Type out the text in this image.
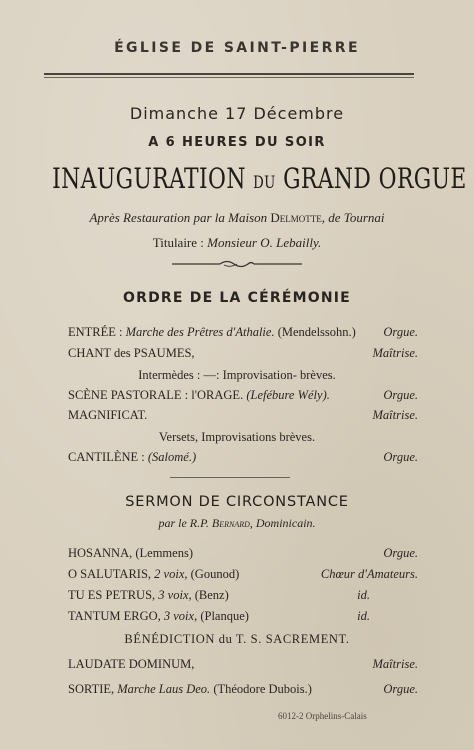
ÉGLISE DE SAINT-PIERRE
Dimanche 17 Décembre
A 6 HEURES DU SOIR
INAUGURATION DU GRAND ORGUE
Après Restauration par la Maison Delmotte, de Tournai
Titulaire : Monsieur O. Lebailly.
ORDRE DE LA CÉRÉMONIE
ENTRÉE : Marche des Prêtres d'Athalie. (Mendelssohn.) Orgue.
CHANT des PSAUMES,	Maîtrise.
Intermèdes : —: Improvisation- brèves.
SCÈNE PASTORALE : l'ORAGE. (Lefébure Wély).	Orgue.
MAGNIFICAT.	Maîtrise.
Versets, Improvisations brèves.
CANTILÈNE : (Salomé.)	Orgue.
SERMON DE CIRCONSTANCE
par le R.P. Bernard, Dominicain.
HOSANNA, (Lemmens)	Orgue.
O SALUTARIS, 2 voix, (Gounod)	Chœur d'Amateurs.
TU ES PETRUS, 3 voix, (Benz)	id.
TANTUM ERGO, 3 voix, (Planque)	id.
BÉNÉDICTION du T. S. SACREMENT.
LAUDATE DOMINUM,	Maîtrise.
SORTIE, Marche Laus Deo. (Théodore Dubois.)	Orgue.
6012-2 Orphelins-Calais
